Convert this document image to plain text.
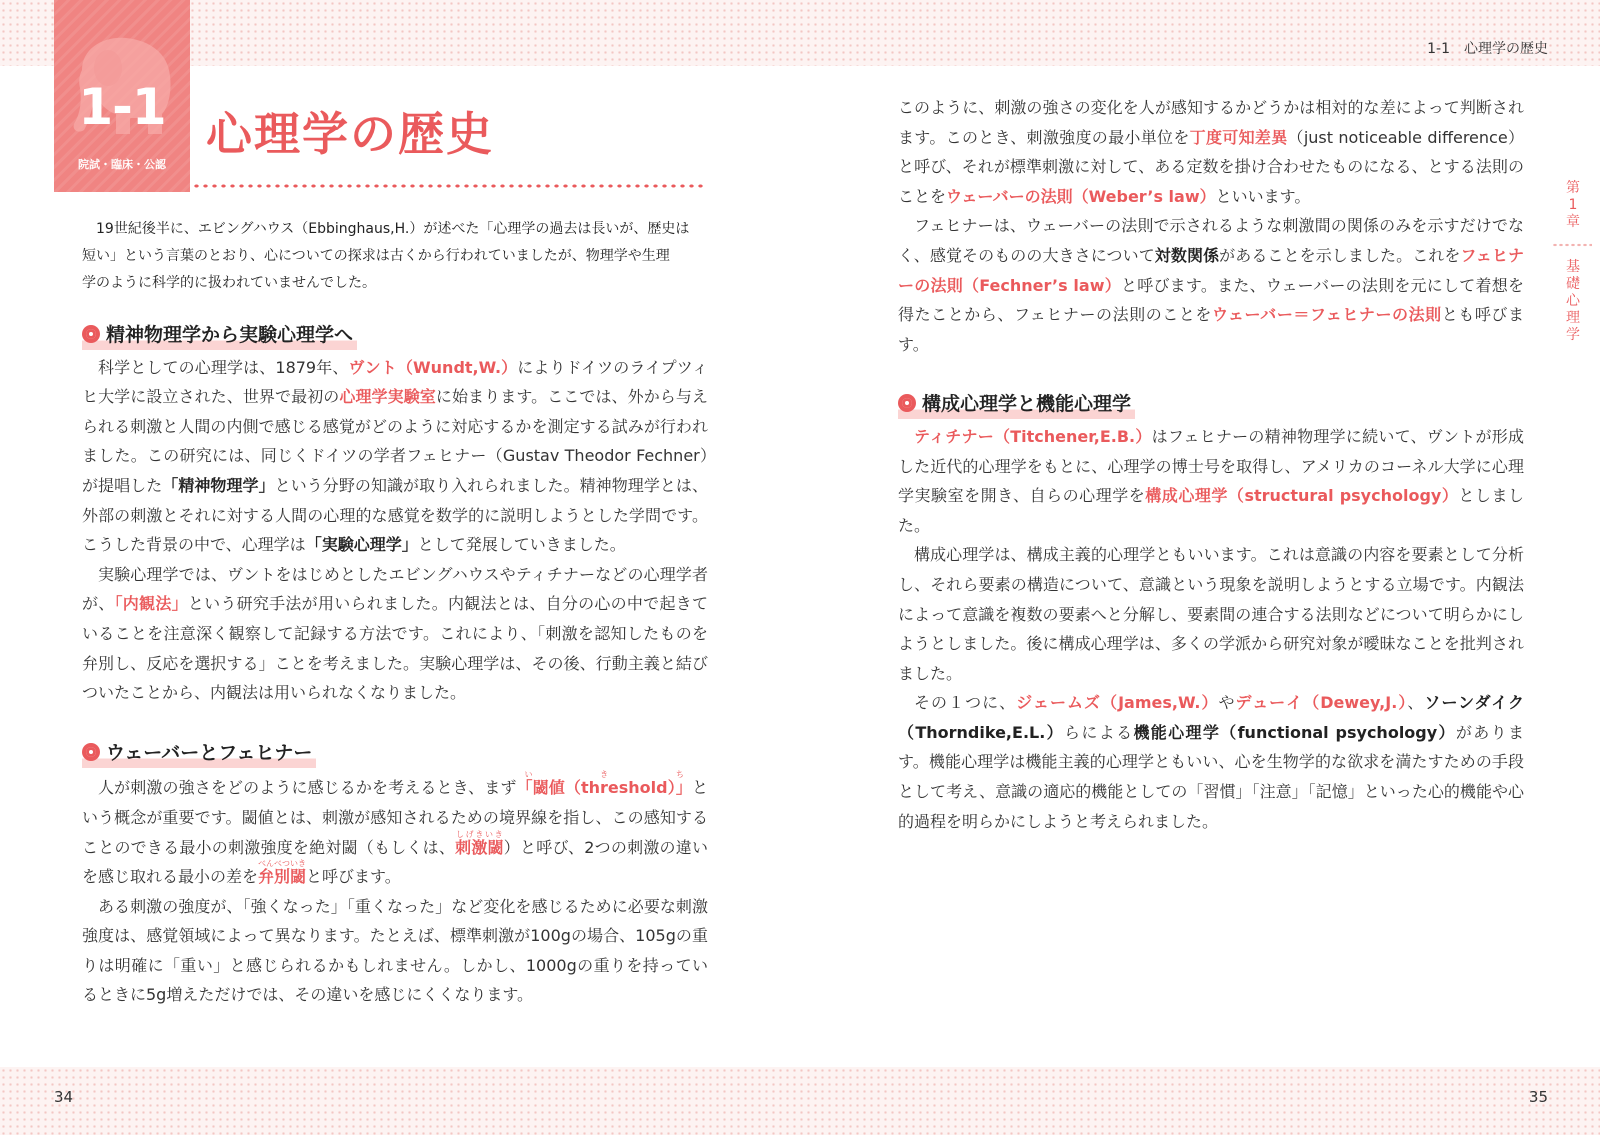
1-1　心理学の歴史
1-1
院試・臨床・公認
心理学の歴史
19世紀後半に、エビングハウス（Ebbinghaus,H.）が述べた「心理学の過去は長いが、歴史は
短い」という言葉のとおり、心についての探求は古くから行われていましたが、物理学や生理
学のように科学的に扱われていませんでした。
精神物理学から実験心理学へ

科学としての心理学は、1879年、ヴント（Wundt,W.）によりドイツのライプツィヒ大学に設立された、世界で最初の心理学実験室に始まります。ここでは、外から与えられる刺激と人間の内側で感じる感覚がどのように対応するかを測定する試みが行われました。この研究には、同じくドイツの学者フェヒナー（Gustav Theodor Fechner）が提唱した「精神物理学」という分野の知識が取り入れられました。精神物理学とは、外部の刺激とそれに対する人間の心理的な感覚を数学的に説明しようとした学問です。こうした背景の中で、心理学は「実験心理学」として発展していきました。

実験心理学では、ヴントをはじめとしたエビングハウスやティチナーなどの心理学者が、「内観法」という研究手法が用いられました。内観法とは、自分の心の中で起きていることを注意深く観察して記録する方法です。これにより、「刺激を認知したものを弁別し、反応を選択する」ことを考えました。実験心理学は、その後、行動主義と結びついたことから、内観法は用いられなくなりました。

ウェーバーとフェヒナー

人が刺激の強さをどのように感じるかを考えるとき、まず「閾値（threshold）」いきちという概念が重要です。閾値とは、刺激が感知されるための境界線を指し、この感知することのできる最小の刺激強度を絶対閾（もしくは、刺激閾しげきいき）と呼び、2つの刺激の違いを感じ取れる最小の差を弁別閾べんべついきと呼びます。

ある刺激の強度が、「強くなった」「重くなった」など変化を感じるために必要な刺激強度は、感覚領域によって異なります。たとえば、標準刺激が100gの場合、105gの重りは明確に「重い」と感じられるかもしれません。しかし、1000gの重りを持っているときに5g増えただけでは、その違いを感じにくくなります。

このように、刺激の強さの変化を人が感知するかどうかは相対的な差によって判断されます。このとき、刺激強度の最小単位を丁度可知差異（just noticeable difference）と呼び、それが標準刺激に対して、ある定数を掛け合わせたものになる、とする法則のことをウェーバーの法則（Weber’s law）といいます。

フェヒナーは、ウェーバーの法則で示されるような刺激間の関係のみを示すだけでなく、感覚そのものの大きさについて対数関係があることを示しました。これをフェヒナーの法則（Fechner’s law）と呼びます。また、ウェーバーの法則を元にして着想を得たことから、フェヒナーの法則のことをウェーバー＝フェヒナーの法則とも呼びます。

構成心理学と機能心理学

ティチナー（Titchener,E.B.）はフェヒナーの精神物理学に続いて、ヴントが形成した近代的心理学をもとに、心理学の博士号を取得し、アメリカのコーネル大学に心理学実験室を開き、自らの心理学を構成心理学（structural psychology）としました。

構成心理学は、構成主義的心理学ともいいます。これは意識の内容を要素として分析し、それら要素の構造について、意識という現象を説明しようとする立場です。内観法によって意識を複数の要素へと分解し、要素間の連合する法則などについて明らかにしようとしました。後に構成心理学は、多くの学派から研究対象が曖昧なことを批判されました。

その１つに、ジェームズ（James,W.）やデューイ（Dewey,J.）、ソーンダイク（Thorndike,E.L.）らによる機能心理学（functional psychology）があります。機能心理学は機能主義的心理学ともいい、心を生物学的な欲求を満たすための手段として考え、意識の適応的機能としての「習慣」「注意」「記憶」といった心的機能や心的過程を明らかにしようと考えられました。

第
1
章
基
礎
心
理
学
34	35
